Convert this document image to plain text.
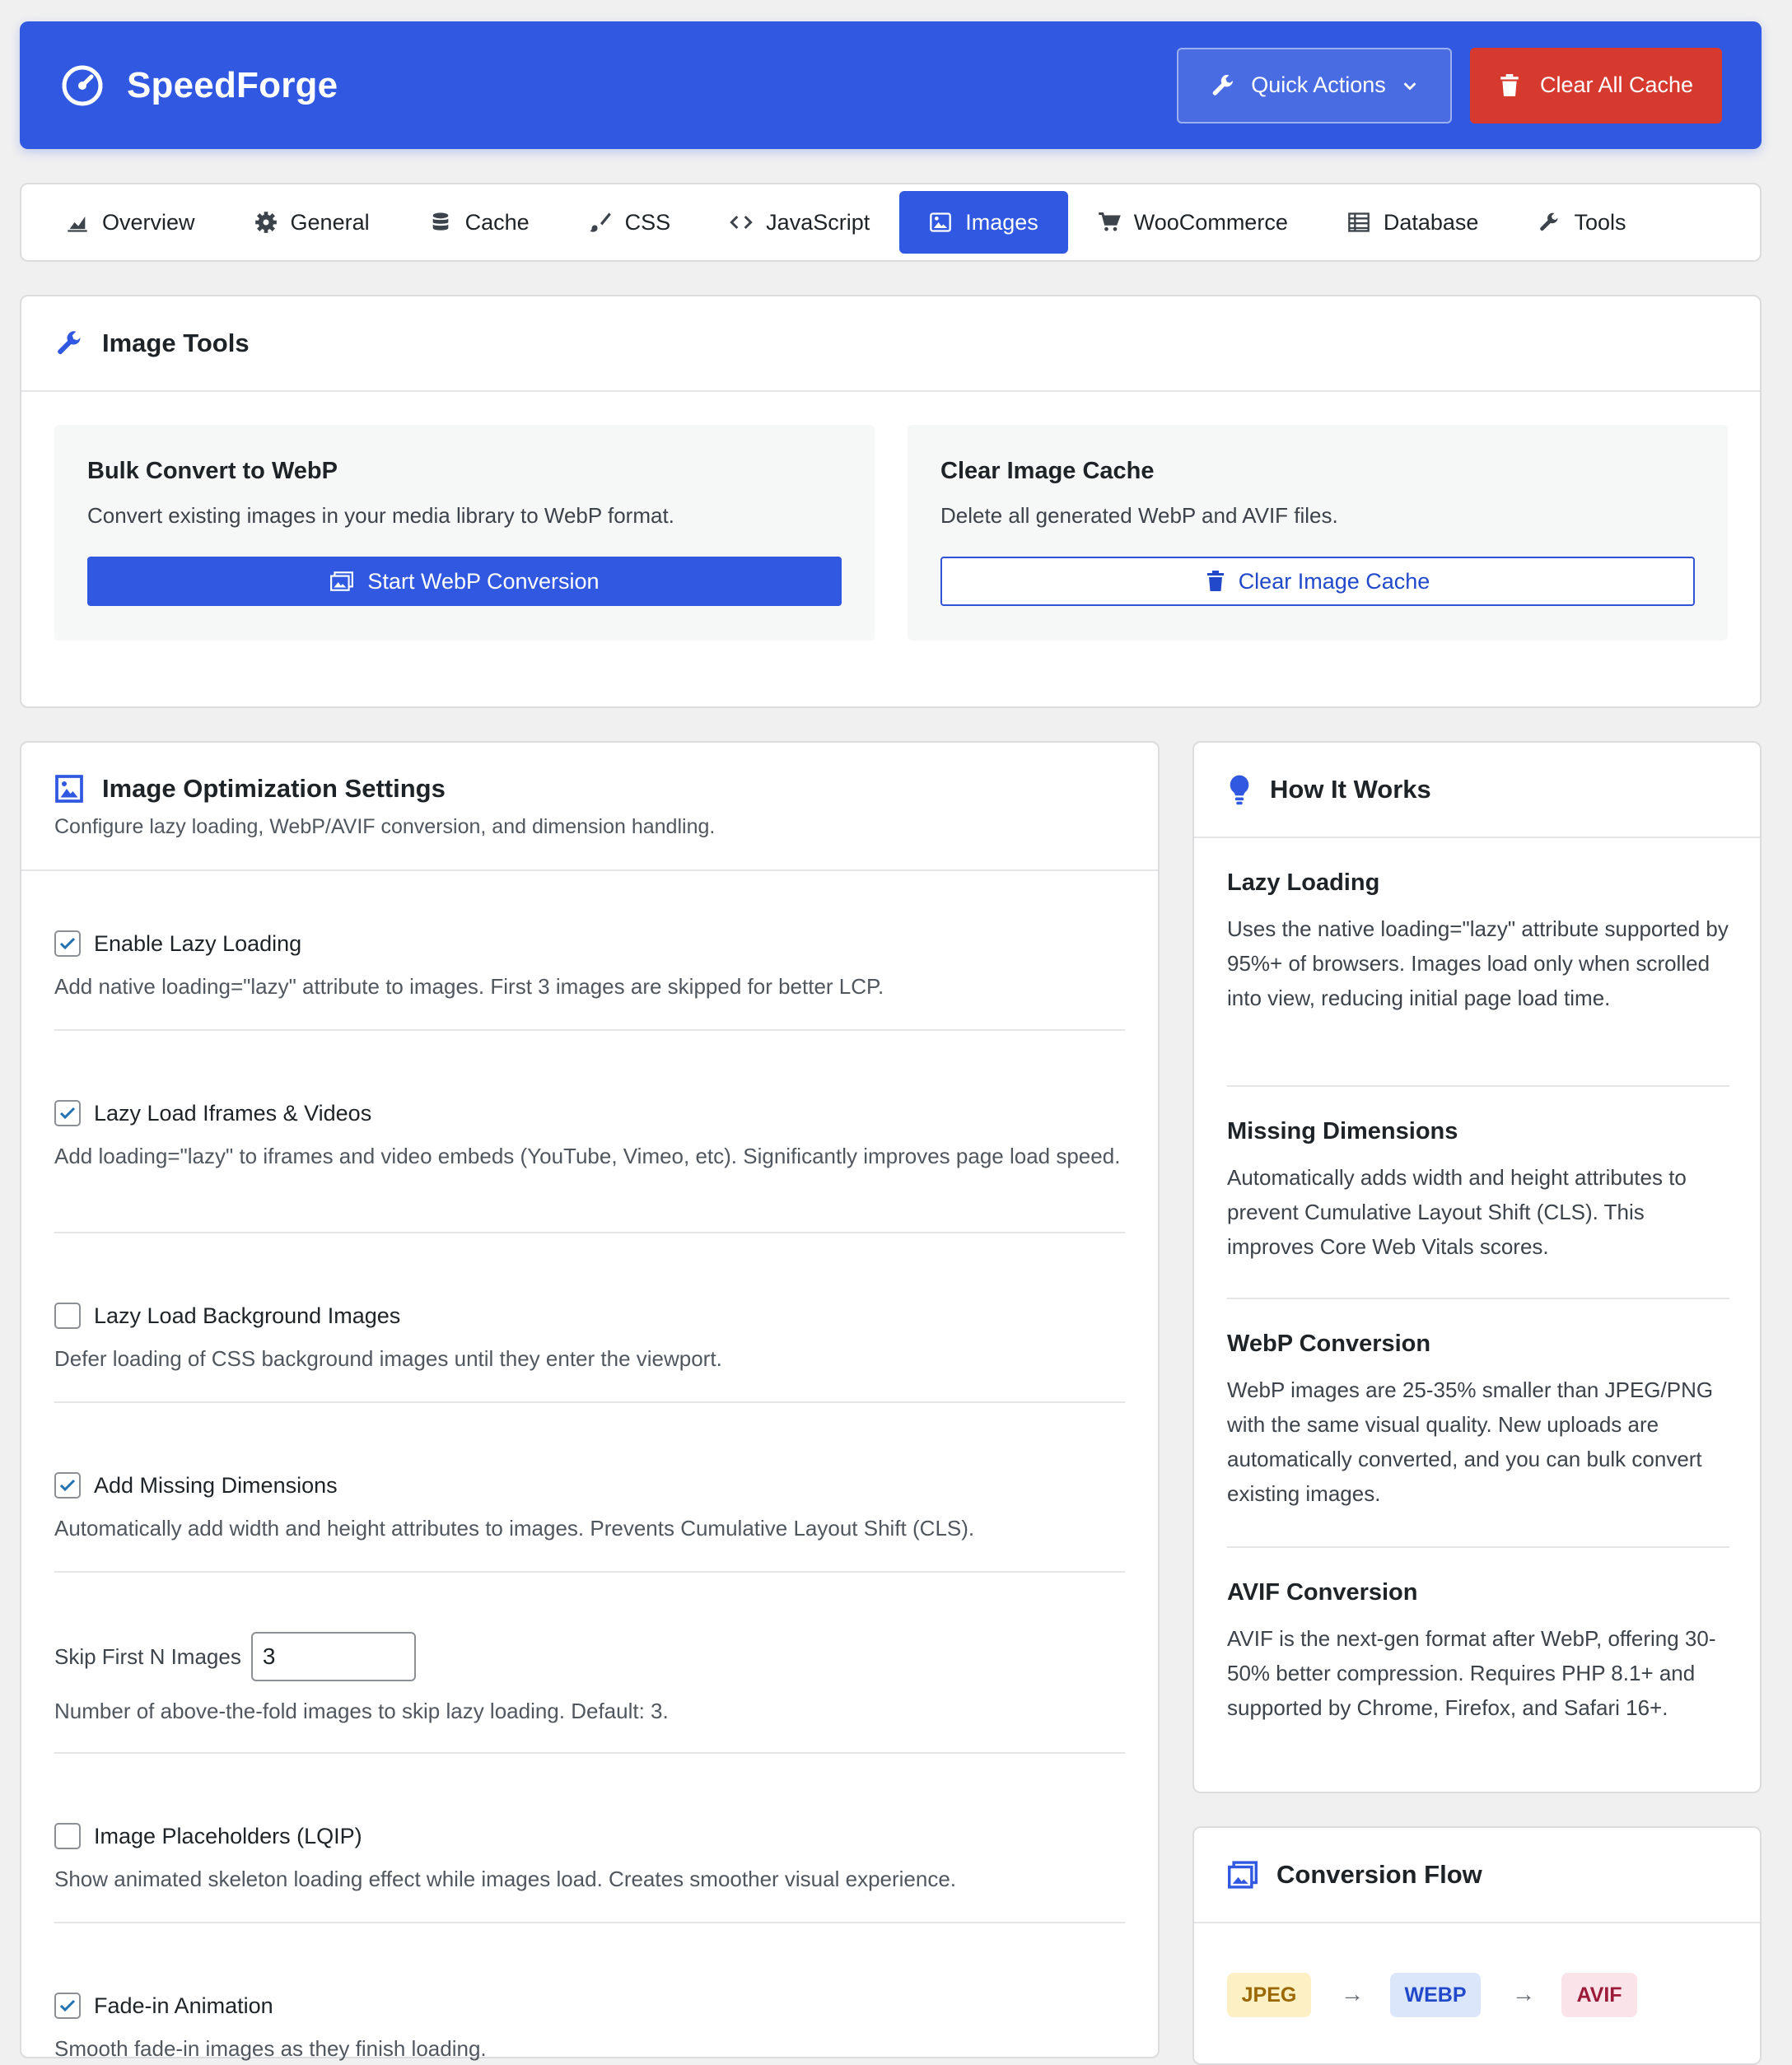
SpeedForge	Quick Actions	Clear All Cache
Overview	General	Cache	CSS	JavaScript	Images	WooCommerce	Database	Tools
Image Tools
Bulk Convert to WebP
Convert existing images in your media library to WebP format.
Start WebP Conversion
Clear Image Cache
Delete all generated WebP and AVIF files.
Clear Image Cache
Image Optimization Settings
Configure lazy loading, WebP/AVIF conversion, and dimension handling.
Enable Lazy Loading
Add native loading="lazy" attribute to images. First 3 images are skipped for better LCP.
Lazy Load Iframes & Videos
Add loading="lazy" to iframes and video embeds (YouTube, Vimeo, etc). Significantly improves page load speed.
Lazy Load Background Images
Defer loading of CSS background images until they enter the viewport.
Add Missing Dimensions
Automatically add width and height attributes to images. Prevents Cumulative Layout Shift (CLS).
Skip First N Images 3
Number of above-the-fold images to skip lazy loading. Default: 3.
Image Placeholders (LQIP)
Show animated skeleton loading effect while images load. Creates smoother visual experience.
Fade-in Animation
Smooth fade-in images as they finish loading.
How It Works
Lazy Loading
Uses the native loading="lazy" attribute supported by 95%+ of browsers. Images load only when scrolled into view, reducing initial page load time.
Missing Dimensions
Automatically adds width and height attributes to prevent Cumulative Layout Shift (CLS). This improves Core Web Vitals scores.
WebP Conversion
WebP images are 25-35% smaller than JPEG/PNG with the same visual quality. New uploads are automatically converted, and you can bulk convert existing images.
AVIF Conversion
AVIF is the next-gen format after WebP, offering 30-50% better compression. Requires PHP 8.1+ and supported by Chrome, Firefox, and Safari 16+.
Conversion Flow
JPEG	→	WEBP	→	AVIF
